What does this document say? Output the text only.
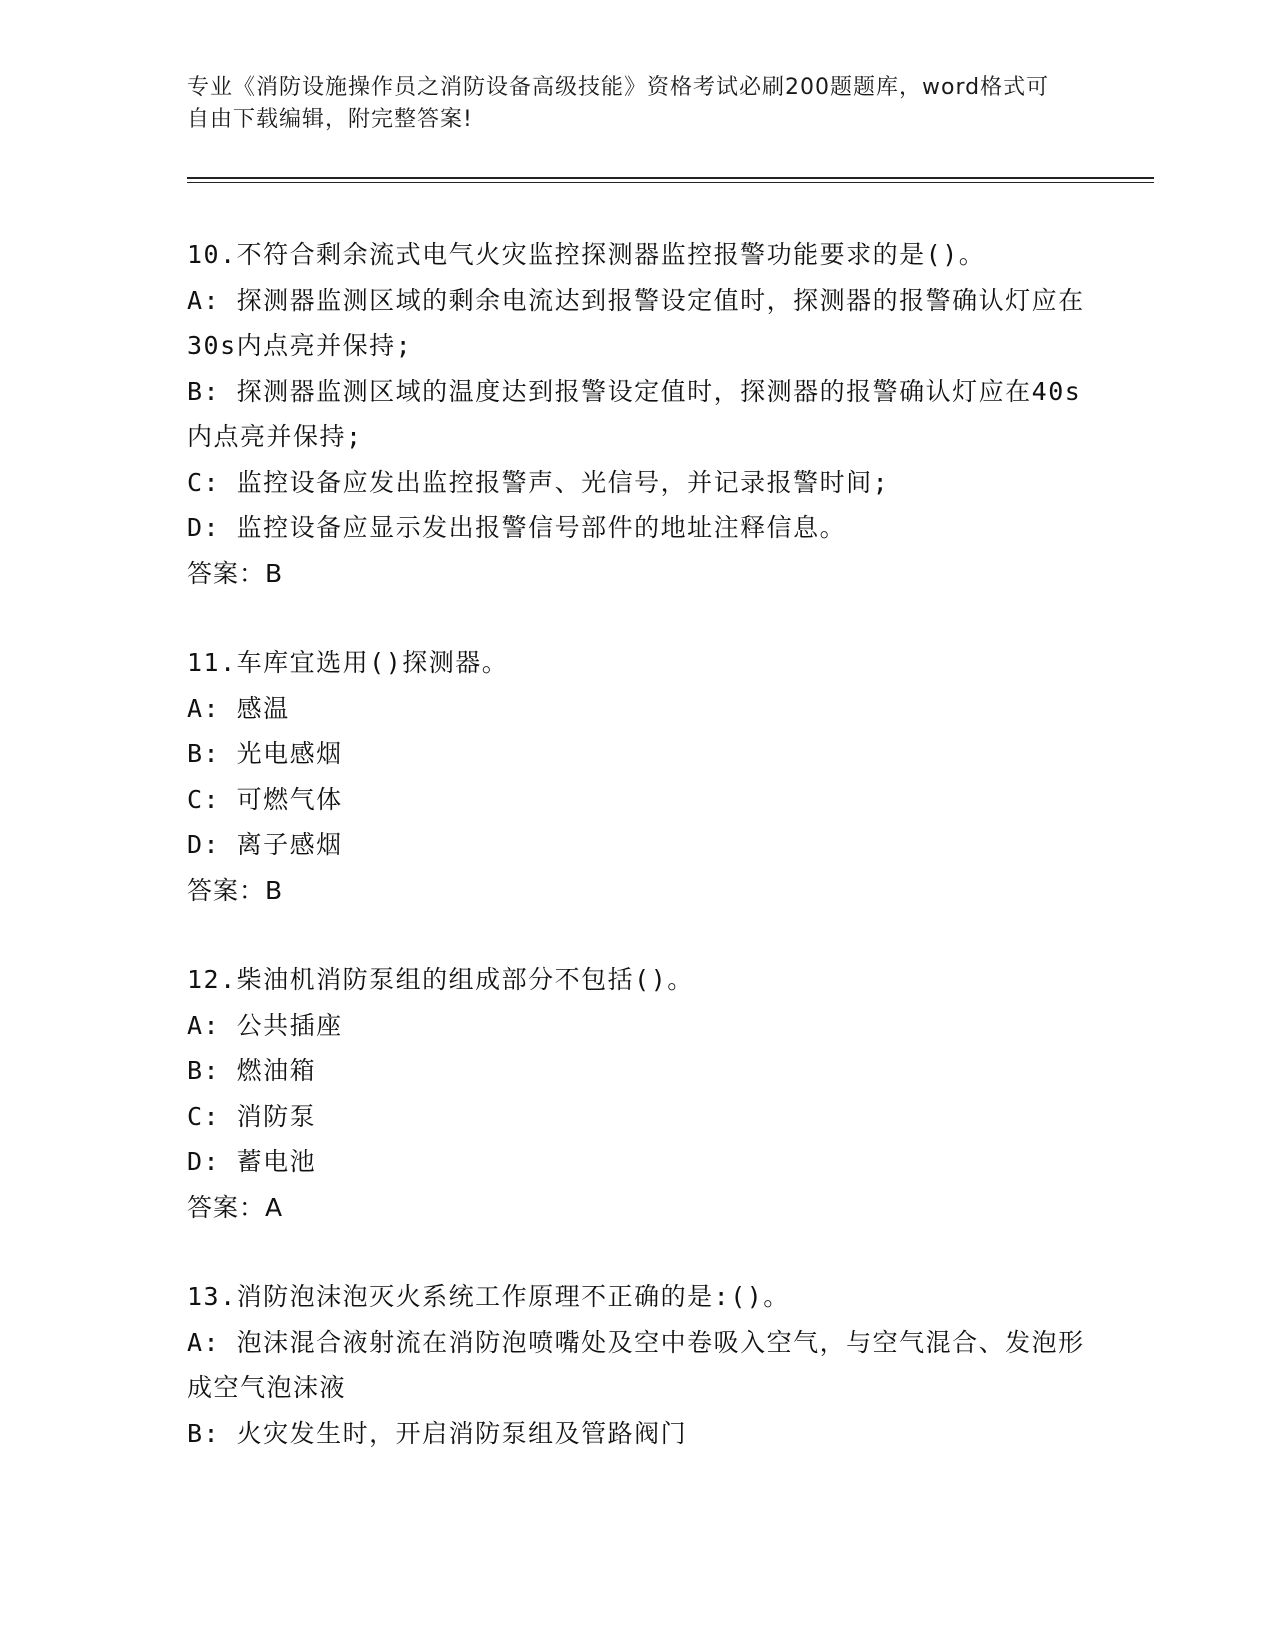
专业《消防设施操作员之消防设备高级技能》资格考试必刷200题题库，word格式可自由下载编辑，附完整答案!

10.不符合剩余流式电气火灾监控探测器监控报警功能要求的是()。

A: 探测器监测区域的剩余电流达到报警设定值时，探测器的报警确认灯应在30s内点亮并保持;

B: 探测器监测区域的温度达到报警设定值时，探测器的报警确认灯应在40s内点亮并保持;

C: 监控设备应发出监控报警声、光信号，并记录报警时间;

D: 监控设备应显示发出报警信号部件的地址注释信息。

答案：B

11.车库宜选用()探测器。

A: 感温

B: 光电感烟

C: 可燃气体

D: 离子感烟

答案：B

12.柴油机消防泵组的组成部分不包括()。

A: 公共插座

B: 燃油箱

C: 消防泵

D: 蓄电池

答案：A

13.消防泡沫泡灭火系统工作原理不正确的是:()。

A: 泡沫混合液射流在消防泡喷嘴处及空中卷吸入空气，与空气混合、发泡形成空气泡沫液

B: 火灾发生时，开启消防泵组及管路阀门
